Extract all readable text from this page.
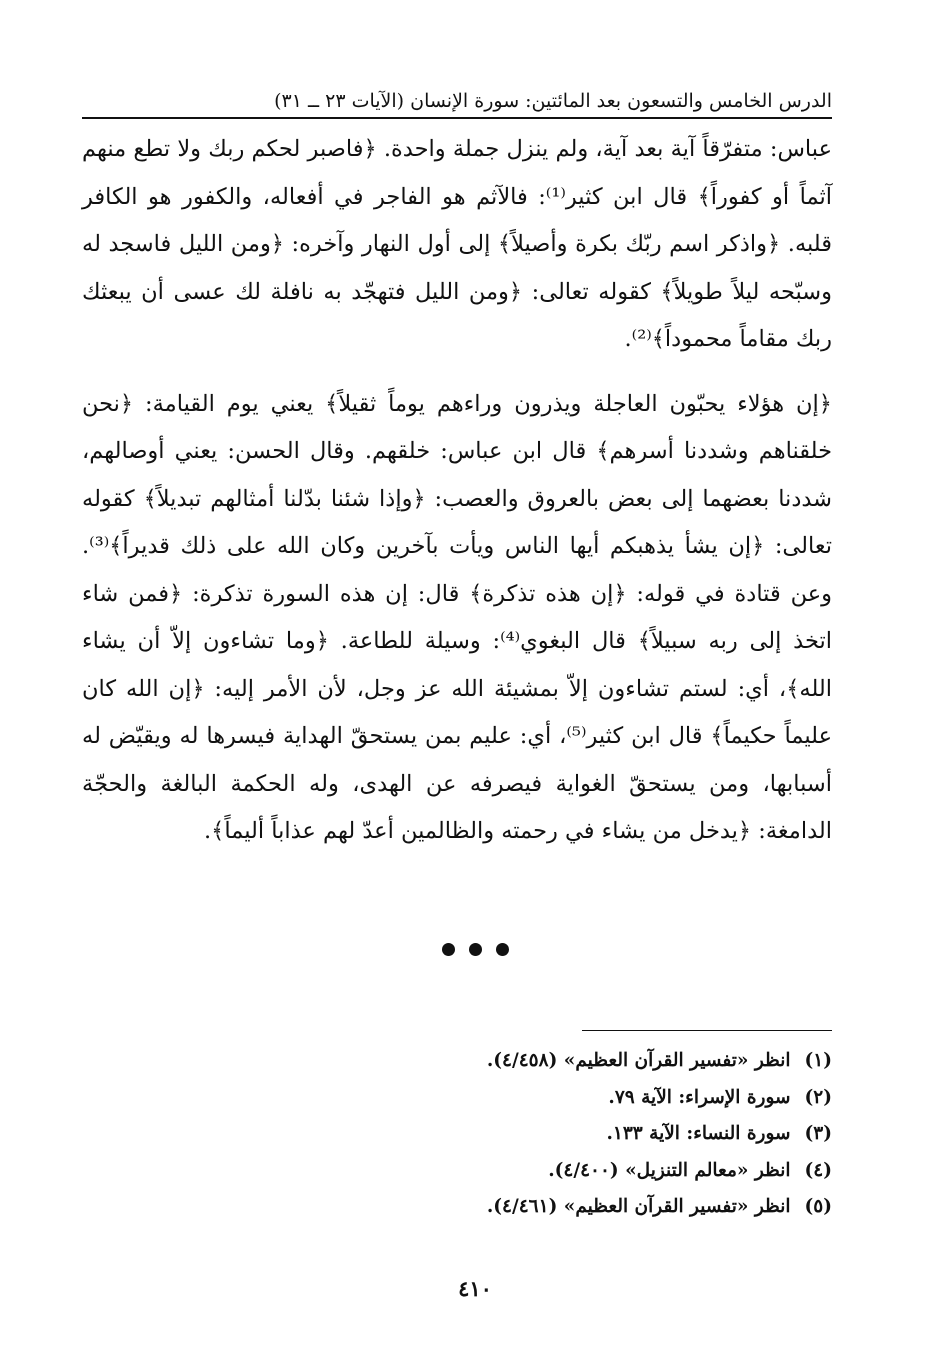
الدرس الخامس والتسعون بعد المائتين: سورة الإنسان (الآيات ٢٣ ــ ٣١)

عباس: متفرّقاً آية بعد آية، ولم ينزل جملة واحدة. ﴿فاصبر لحكم ربك ولا تطع منهم آثماً أو كفوراً﴾ قال ابن كثير⁽¹⁾: فالآثم هو الفاجر في أفعاله، والكفور هو الكافر قلبه. ﴿واذكر اسم ربّك بكرة وأصيلاً﴾ إلى أول النهار وآخره: ﴿ومن الليل فاسجد له وسبّحه ليلاً طويلاً﴾ كقوله تعالى: ﴿ومن الليل فتهجّد به نافلة لك عسى أن يبعثك ربك مقاماً محموداً﴾⁽²⁾.

﴿إن هؤلاء يحبّون العاجلة ويذرون وراءهم يوماً ثقيلاً﴾ يعني يوم القيامة: ﴿نحن خلقناهم وشددنا أسرهم﴾ قال ابن عباس: خلقهم. وقال الحسن: يعني أوصالهم، شددنا بعضهما إلى بعض بالعروق والعصب: ﴿وإذا شئنا بدّلنا أمثالهم تبديلاً﴾ كقوله تعالى: ﴿إن يشأ يذهبكم أيها الناس ويأت بآخرين وكان الله على ذلك قديراً﴾⁽³⁾. وعن قتادة في قوله: ﴿إن هذه تذكرة﴾ قال: إن هذه السورة تذكرة: ﴿فمن شاء اتخذ إلى ربه سبيلاً﴾ قال البغوي⁽⁴⁾: وسيلة للطاعة. ﴿وما تشاءون إلاّ أن يشاء الله﴾، أي: لستم تشاءون إلاّ بمشيئة الله عز وجل، لأن الأمر إليه: ﴿إن الله كان عليماً حكيماً﴾ قال ابن كثير⁽⁵⁾، أي: عليم بمن يستحقّ الهداية فيسرها له ويقيّض له أسبابها، ومن يستحقّ الغواية فيصرفه عن الهدى، وله الحكمة البالغة والحجّة الدامغة: ﴿يدخل من يشاء في رحمته والظالمين أعدّ لهم عذاباً أليماً﴾.

(١)انظر «تفسير القرآن العظيم» (٤/٤٥٨).
(٢)سورة الإسراء: الآية ٧٩.
(٣)سورة النساء: الآية ١٣٣.
(٤)انظر «معالم التنزيل» (٤/٤٠٠).
(٥)انظر «تفسير القرآن العظيم» (٤/٤٦١).
٤١٠
